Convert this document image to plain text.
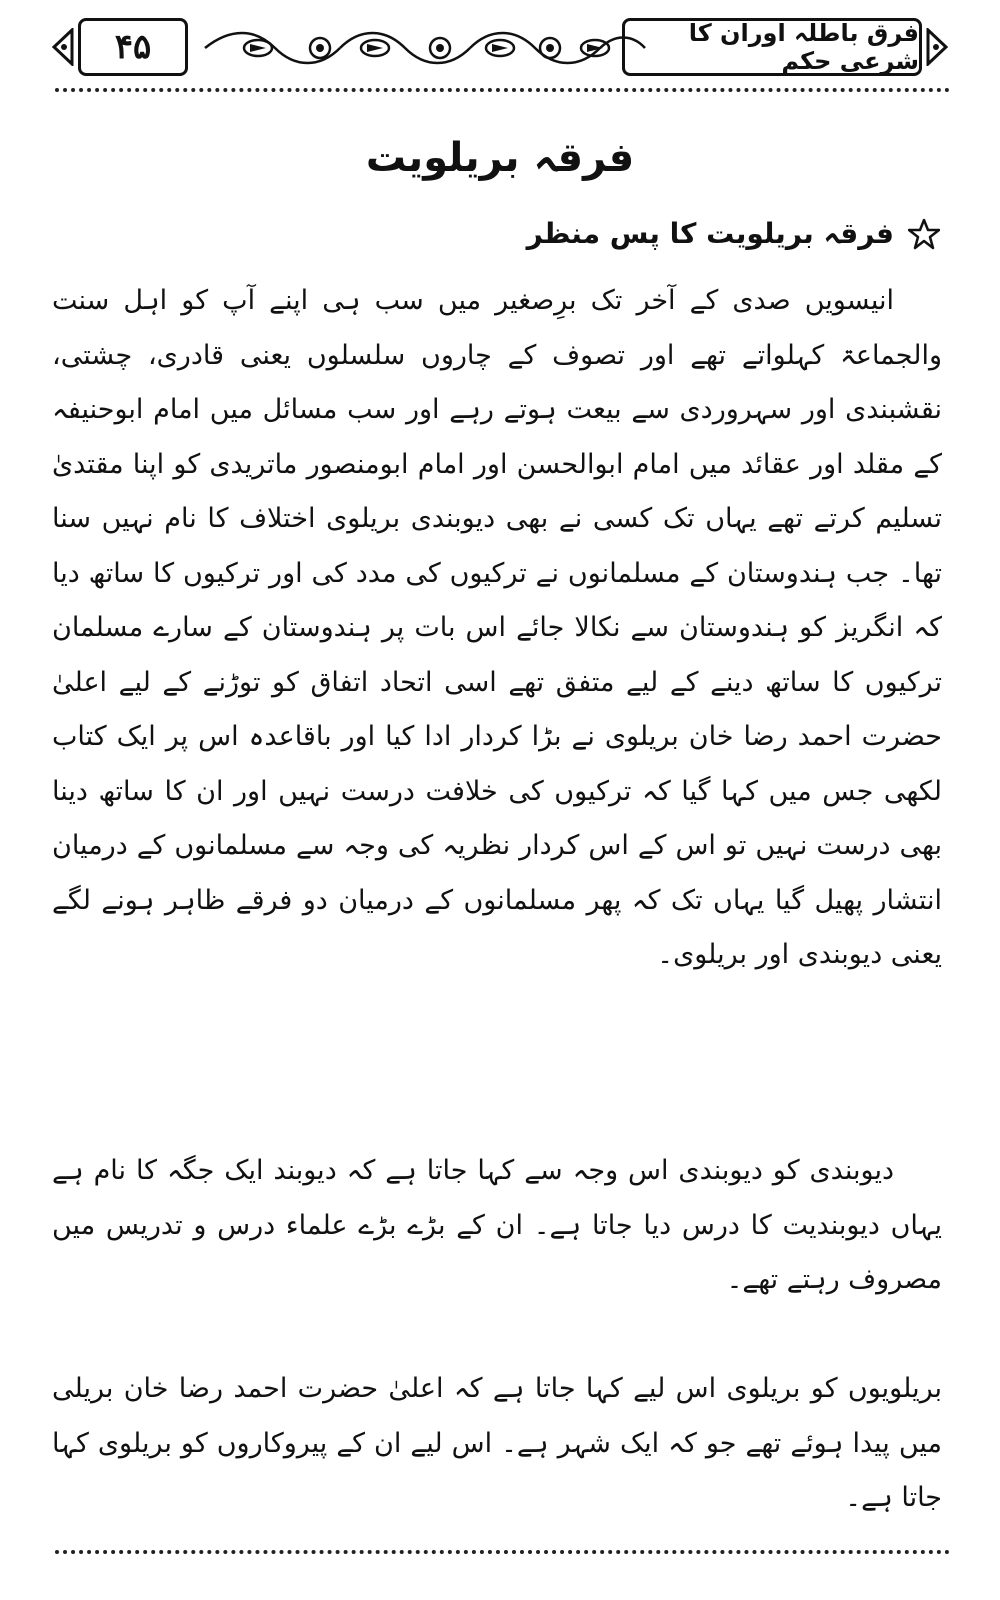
۴۵	فرق باطلہ اوران کا شرعی حکم
فرقہ بریلویت
فرقہ بریلویت کا پس منظر

انیسویں صدی کے آخر تک برِصغیر میں سب ہی اپنے آپ کو اہل سنت والجماعۃ کہلواتے تھے اور تصوف کے چاروں سلسلوں یعنی قادری، چشتی، نقشبندی اور سہروردی سے بیعت ہوتے رہے اور سب مسائل میں امام ابوحنیفہ کے مقلد اور عقائد میں امام ابوالحسن اور امام ابومنصور ماتریدی کو اپنا مقتدیٰ تسلیم کرتے تھے یہاں تک کسی نے بھی دیوبندی بریلوی اختلاف کا نام نہیں سنا تھا۔ جب ہندوستان کے مسلمانوں نے ترکیوں کی مدد کی اور ترکیوں کا ساتھ دیا کہ انگریز کو ہندوستان سے نکالا جائے اس بات پر ہندوستان کے سارے مسلمان ترکیوں کا ساتھ دینے کے لیے متفق تھے اسی اتحاد اتفاق کو توڑنے کے لیے اعلیٰ حضرت احمد رضا خان بریلوی نے بڑا کردار ادا کیا اور باقاعدہ اس پر ایک کتاب لکھی جس میں کہا گیا کہ ترکیوں کی خلافت درست نہیں اور ان کا ساتھ دینا بھی درست نہیں تو اس کے اس کردار نظریہ کی وجہ سے مسلمانوں کے درمیان انتشار پھیل گیا یہاں تک کہ پھر مسلمانوں کے درمیان دو فرقے ظاہر ہونے لگے یعنی دیوبندی اور بریلوی۔

دیوبندی کو دیوبندی اس وجہ سے کہا جاتا ہے کہ دیوبند ایک جگہ کا نام ہے یہاں دیوبندیت کا درس دیا جاتا ہے۔ ان کے بڑے بڑے علماء درس و تدریس میں مصروف رہتے تھے۔

بریلویوں کو بریلوی اس لیے کہا جاتا ہے کہ اعلیٰ حضرت احمد رضا خان بریلی میں پیدا ہوئے تھے جو کہ ایک شہر ہے۔ اس لیے ان کے پیروکاروں کو بریلوی کہا جاتا ہے۔
